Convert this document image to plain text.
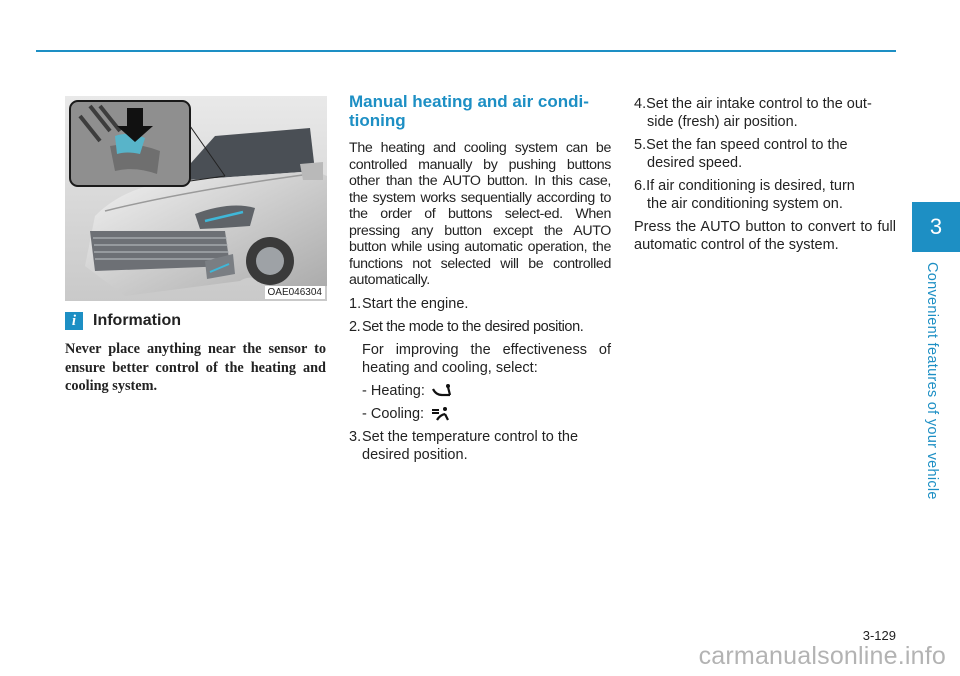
3
Convenient features of your vehicle
OAE046304
i	Information
Never place anything near the sensor to ensure better control of the heating and cooling system.
Manual heating and air condi-
tioning
The heating and cooling system can be controlled manually by pushing buttons other than the AUTO button. In this case, the system works sequentially according to the order of buttons select-ed. When pressing any button except the AUTO button while using automatic operation, the functions not selected will be controlled automatically.
1.Start the engine.
2. Set the mode to the desired position.
For improving the effectiveness of heating and cooling, select:
- Heating:
- Cooling:
3.Set the temperature control to the
desired position.
4.Set the air intake control to the out-
side (fresh) air position.
5.Set the fan speed control to the
desired speed.
6.If air conditioning is desired, turn
the air conditioning system on.
Press the AUTO button to convert to full automatic control of the system.
3-129
carmanualsonline.info
